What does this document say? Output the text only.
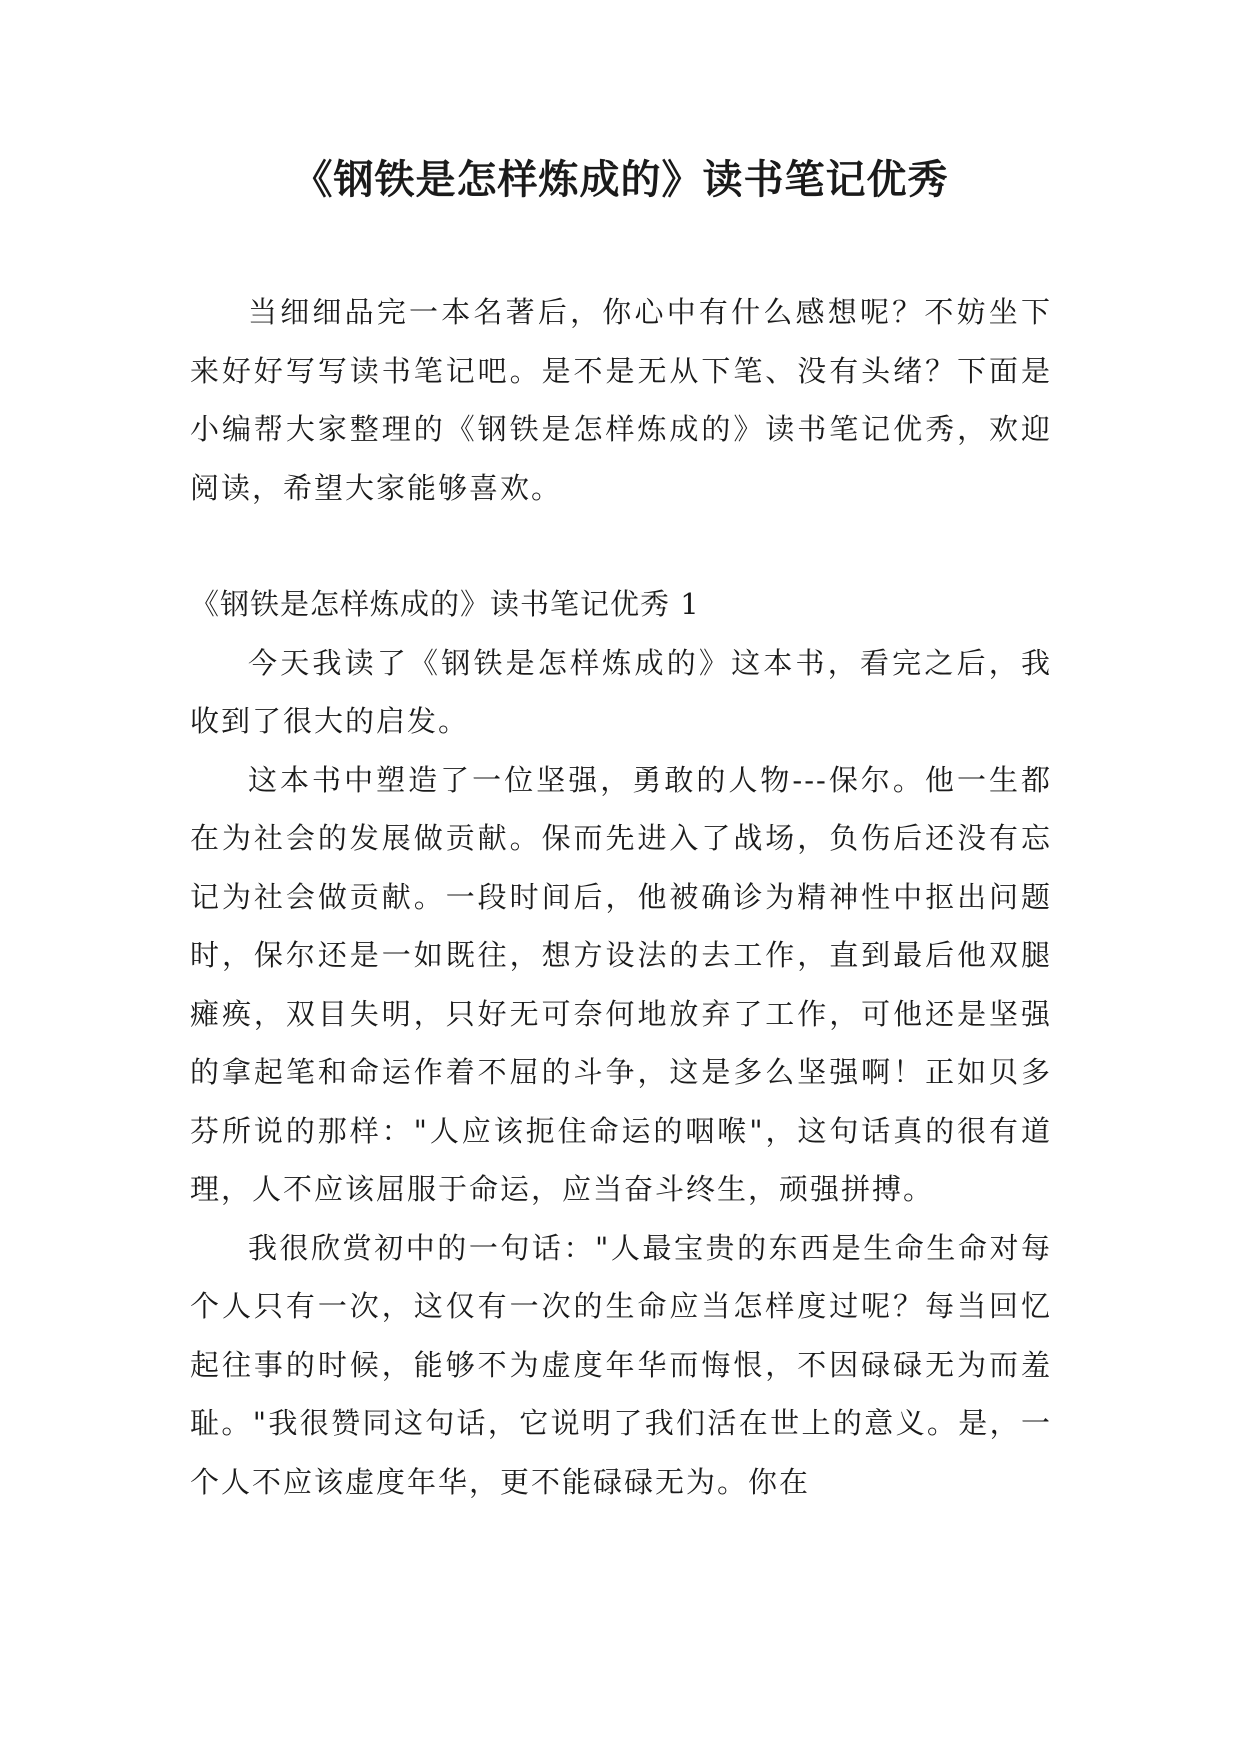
《钢铁是怎样炼成的》读书笔记优秀

当细细品完一本名著后，你心中有什么感想呢？不妨坐下来好好写写读书笔记吧。是不是无从下笔、没有头绪？下面是小编帮大家整理的《钢铁是怎样炼成的》读书笔记优秀，欢迎阅读，希望大家能够喜欢。

《钢铁是怎样炼成的》读书笔记优秀 1

今天我读了《钢铁是怎样炼成的》这本书，看完之后，我收到了很大的启发。

这本书中塑造了一位坚强，勇敢的人物---保尔。他一生都在为社会的发展做贡献。保而先进入了战场，负伤后还没有忘记为社会做贡献。一段时间后，他被确诊为精神性中抠出问题时，保尔还是一如既往，想方设法的去工作，直到最后他双腿瘫痪，双目失明，只好无可奈何地放弃了工作，可他还是坚强的拿起笔和命运作着不屈的斗争，这是多么坚强啊！正如贝多芬所说的那样："人应该扼住命运的咽喉"，这句话真的很有道理，人不应该屈服于命运，应当奋斗终生，顽强拼搏。

我很欣赏初中的一句话："人最宝贵的东西是生命生命对每个人只有一次，这仅有一次的生命应当怎样度过呢？每当回忆起往事的时候，能够不为虚度年华而悔恨，不因碌碌无为而羞耻。"我很赞同这句话，它说明了我们活在世上的意义。是，一个人不应该虚度年华，更不能碌碌无为。你在
